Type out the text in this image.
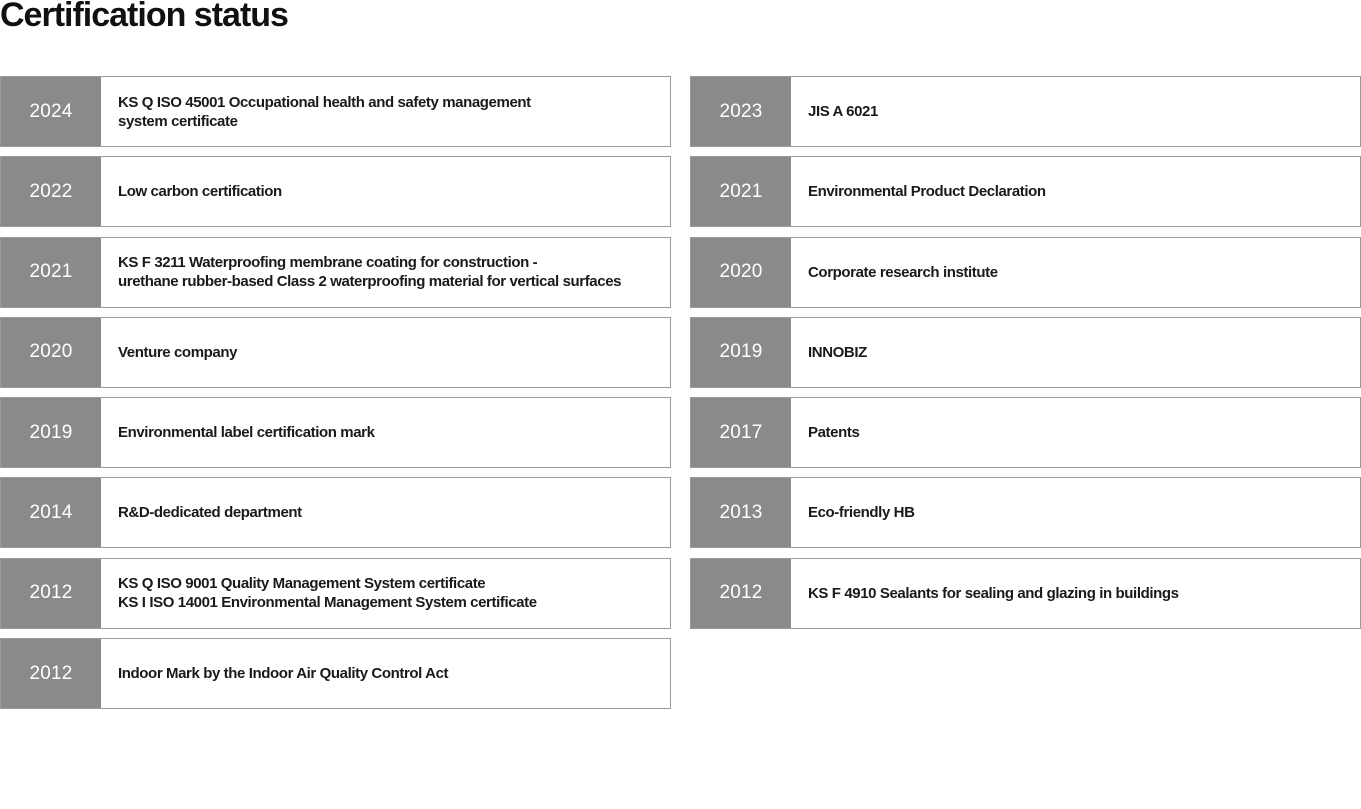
Certification status
2024	KS Q ISO 45001 Occupational health and safety management
system certificate
2022	Low carbon certification
2021	KS F 3211 Waterproofing membrane coating for construction -
urethane rubber-based Class 2 waterproofing material for vertical surfaces
2020	Venture company
2019	Environmental label certification mark
2014	R&D-dedicated department
2012	KS Q ISO 9001 Quality Management System certificate
KS I ISO 14001 Environmental Management System certificate
2012	Indoor Mark by the Indoor Air Quality Control Act
2023	JIS A 6021
2021	Environmental Product Declaration
2020	Corporate research institute
2019	INNOBIZ
2017	Patents
2013	Eco-friendly HB
2012	KS F 4910 Sealants for sealing and glazing in buildings
